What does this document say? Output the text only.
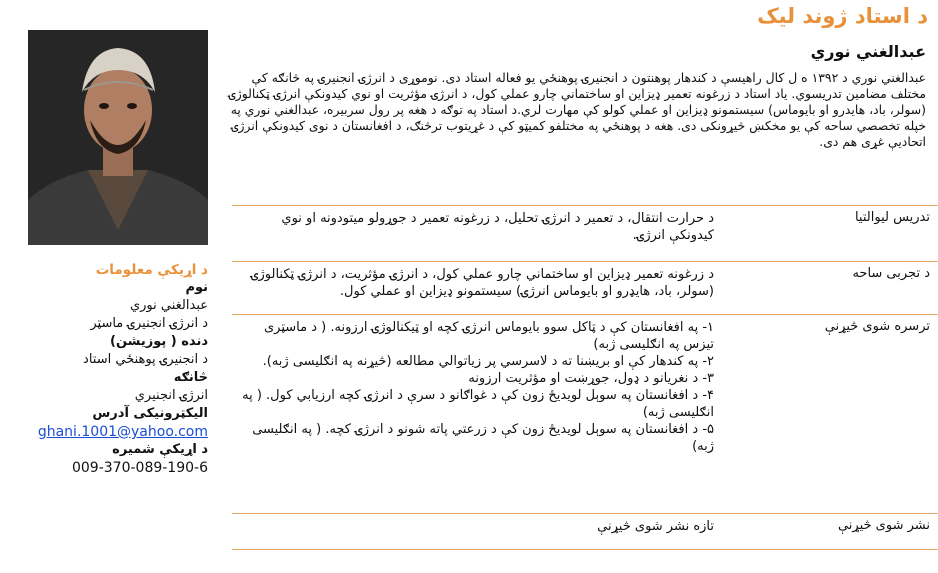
د استاد ژوند لیک
عبدالغني نوري

عبدالغني نوري د ۱۳۹۲ ه ل کال راهیسې د کندهار پوهنتون د انجنیرۍ پوهنځي یو فعاله استاد دی. نوموړی د انرژۍ انجنیرۍ په څانګه کې مختلف مضامین تدریسوي. یاد استاد د زرغونه تعمیر ډیزاین او ساختماني چارو عملي کول، د انرژۍ مؤثریت او نوي کیدونکې انرژۍ ټکنالوژۍ (سولر، باد، هایدرو او بایوماس) سیستمونو ډیزاین او عملي کولو کې مهارت لري.د استاد په توګه د هغه پر رول سربیره، عبدالغني نوري په خپله تخصصي ساحه کې یو مخکښ څیړونکی دی. هغه د پوهنځي په مختلفو کمیټو کې د غړیتوب ترڅنګ، د افغانستان د نوی کیدونکې انرژۍ اتحادیې غړی هم دی.

د اړیکې معلومات
نوم
عبدالغني نوري
د انرژۍ انجنیرۍ ماسټر
دنده ( پوزیشن)
د انجنیرۍ پوهنځي استاد
څانګه
انرژۍ انجنیري
الیکټرونیکی آدرس
ghani.1001@yahoo.com
د اړیکې شمیره
009-370-089-190-6
تدریس لیوالتیا	د حرارت انتقال، د تعمیر د انرژۍ تحلیل، د زرغونه تعمیر د جوړولو میتودونه او نوي کیدونکې انرژۍ.
د تجربی ساحه	د زرغونه تعمیر ډیزاین او ساختماني چارو عملي کول، د انرژۍ مؤثریت، د انرژۍ ټکنالوژۍ (سولر، باد، هایډرو او بایوماس انرژۍ) سیستمونو ډیزاین او عملي کول.
ترسره شوی څیړنې	۱- په افغانستان کې د ټاکل سوو بایوماس انرژۍ کچه او ټیکنالوژۍ ارزونه. ( د ماسټری تیزس په انګلیسی ژبه)
۲- په کندهار کې او بریښنا ته د لاسرسي پر زیاتوالي مطالعه (څیړنه په انګلیسی ژبه).
۳- د نغریانو د ډول، جوړښت او مؤثریت ارزونه
۴- د افغانستان په سوېل لویدیځ زون کې د غواګانو د سرې د انرژۍ کچه ارزیابي کول. ( په انګلیسی ژبه)
۵- د افغانستان په سوېل لویدیځ زون کې د زرعتي پاته شونو د انرژۍ کچه. ( په انګلیسی ژبه)

نشر شوی څیړنې	تازه نشر شوی څیړنې
